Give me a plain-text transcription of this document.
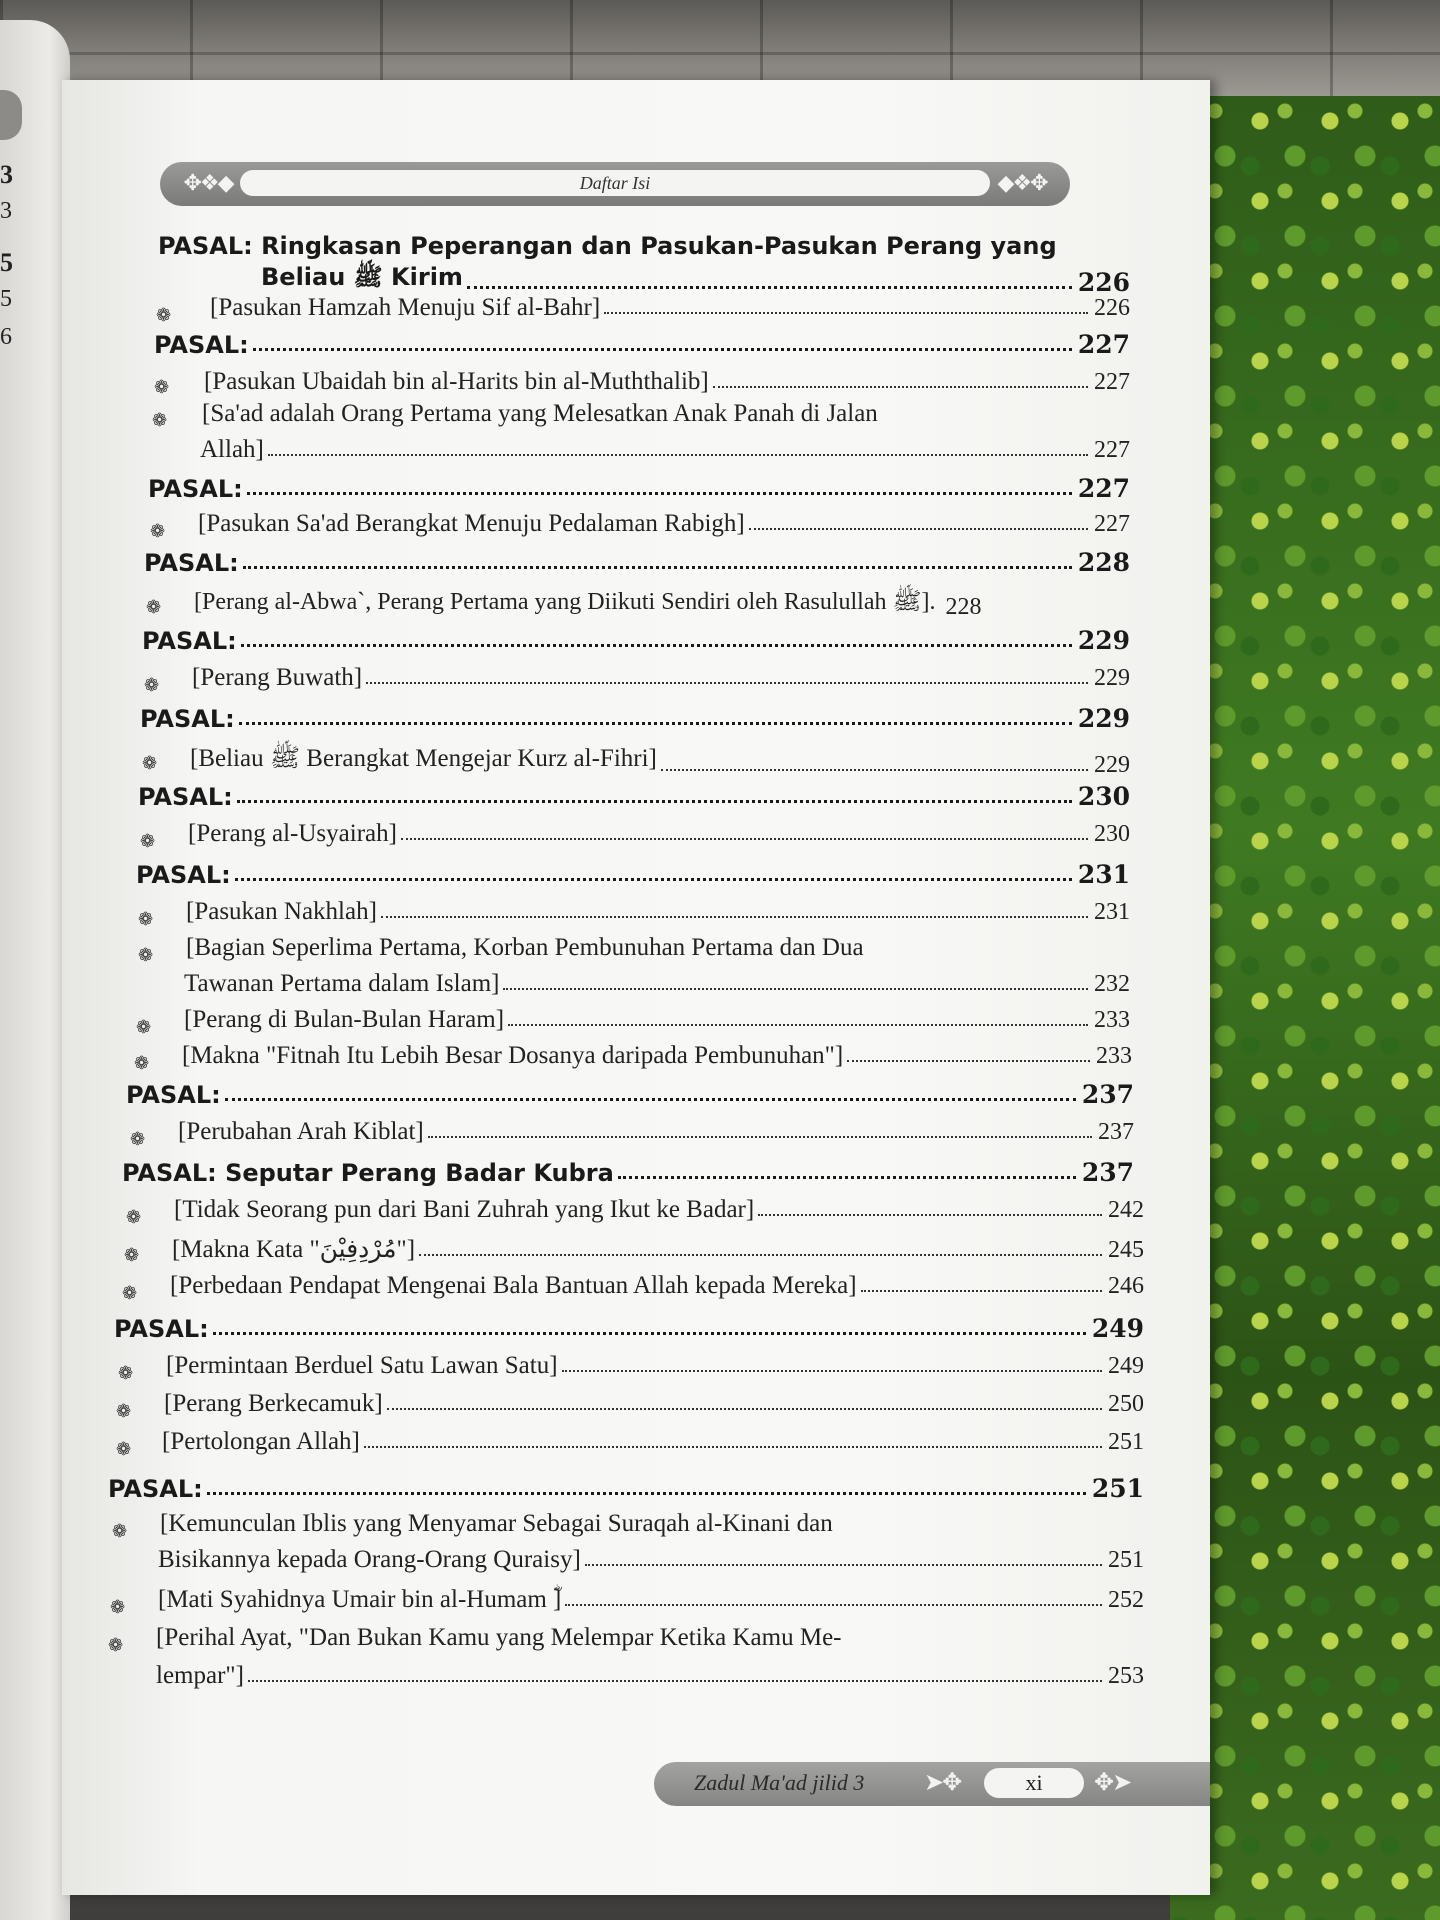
3
3
5
5
6
✥❖◆	Daftar Isi	◆❖✥
PASAL: Ringkasan Peperangan dan Pasukan-Pasukan Perang yang
Beliau ﷺ Kirim	226
❁ [Pasukan Hamzah Menuju Sif al-Bahr]	226
PASAL:	227
❁ [Pasukan Ubaidah bin al-Harits bin al-Muththalib]	227
❁ [Sa'ad adalah Orang Pertama yang Melesatkan Anak Panah di Jalan
Allah]	227
PASAL:	227
❁ [Pasukan Sa'ad Berangkat Menuju Pedalaman Rabigh]	227
PASAL:	228
❁ [Perang al-Abwa`, Perang Pertama yang Diikuti Sendiri oleh Rasulullah ﷺ]. 228
PASAL:	229
❁ [Perang Buwath]	229
PASAL:	229
❁ [Beliau ﷺ Berangkat Mengejar Kurz al-Fihri]	229
PASAL:	230
❁ [Perang al-Usyairah]	230
PASAL:	231
❁ [Pasukan Nakhlah]	231
❁ [Bagian Seperlima Pertama, Korban Pembunuhan Pertama dan Dua
Tawanan Pertama dalam Islam]	232
❁ [Perang di Bulan-Bulan Haram]	233
❁ [Makna "Fitnah Itu Lebih Besar Dosanya daripada Pembunuhan"]	233
PASAL:	237
❁ [Perubahan Arah Kiblat]	237
PASAL: Seputar Perang Badar Kubra	237
❁ [Tidak Seorang pun dari Bani Zuhrah yang Ikut ke Badar]	242
❁ [Makna Kata "مُرْدِفِيْنَ"]	245
❁ [Perbedaan Pendapat Mengenai Bala Bantuan Allah kepada Mereka]	246
PASAL:	249
❁ [Permintaan Berduel Satu Lawan Satu]	249
❁ [Perang Berkecamuk]	250
❁ [Pertolongan Allah]	251
PASAL:	251
❁ [Kemunculan Iblis yang Menyamar Sebagai Suraqah al-Kinani dan
Bisikannya kepada Orang-Orang Quraisy]	251
❁ [Mati Syahidnya Umair bin al-Humam ؓ]	252
❁ [Perihal Ayat, "Dan Bukan Kamu yang Melempar Ketika Kamu Me-
lempar"]	253
Zadul Ma'ad jilid 3 ➤✥	xi	✥➤
